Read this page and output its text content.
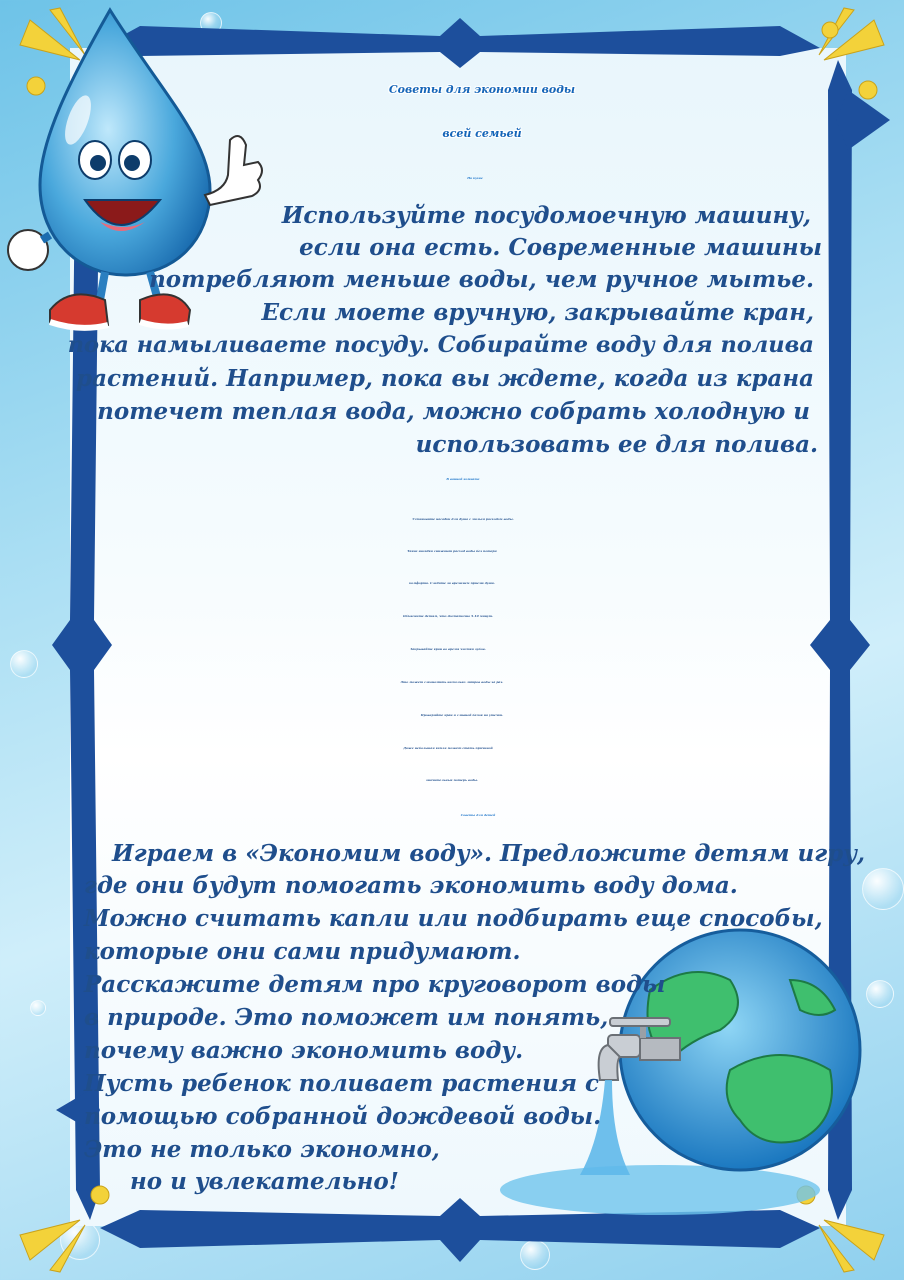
Советы для экономии воды
всей семьей
На кухне
Используйте посудомоечную машину,
если она есть. Современные машины
потребляют меньше воды, чем ручное мытье.
Если моете вручную, закрывайте кран,
пока намыливаете посуду. Собирайте воду для полива
растений. Например, пока вы ждете, когда из крана
потечет теплая вода, можно собрать холодную и
использовать ее для полива.
В ванной комнате
Установите насадки для душа с малым расходом воды.
Такие насадки снижают расход воды без потери
комфорта. Следите за временем приема душа.
Объясните детям, что достаточно 5-10 минут.
Закрывайте кран во время чистки зубов.
Это может сэкономить несколько литров воды за раз.
Проверяйте кран и сливной бачок на утечки.
Даже небольшая капля может стать причиной
значительных потерь воды.
Советы для детей
Играем в «Экономим воду». Предложите детям игру,
где они будут помогать экономить воду дома.
Можно считать капли или подбирать еще способы,
которые они сами придумают.
Расскажите детям про круговорот воды
в природе. Это поможет им понять,
почему важно экономить воду.
Пусть ребенок поливает растения с
помощью собранной дождевой воды.
Это не только экономно,
но и увлекательно!
